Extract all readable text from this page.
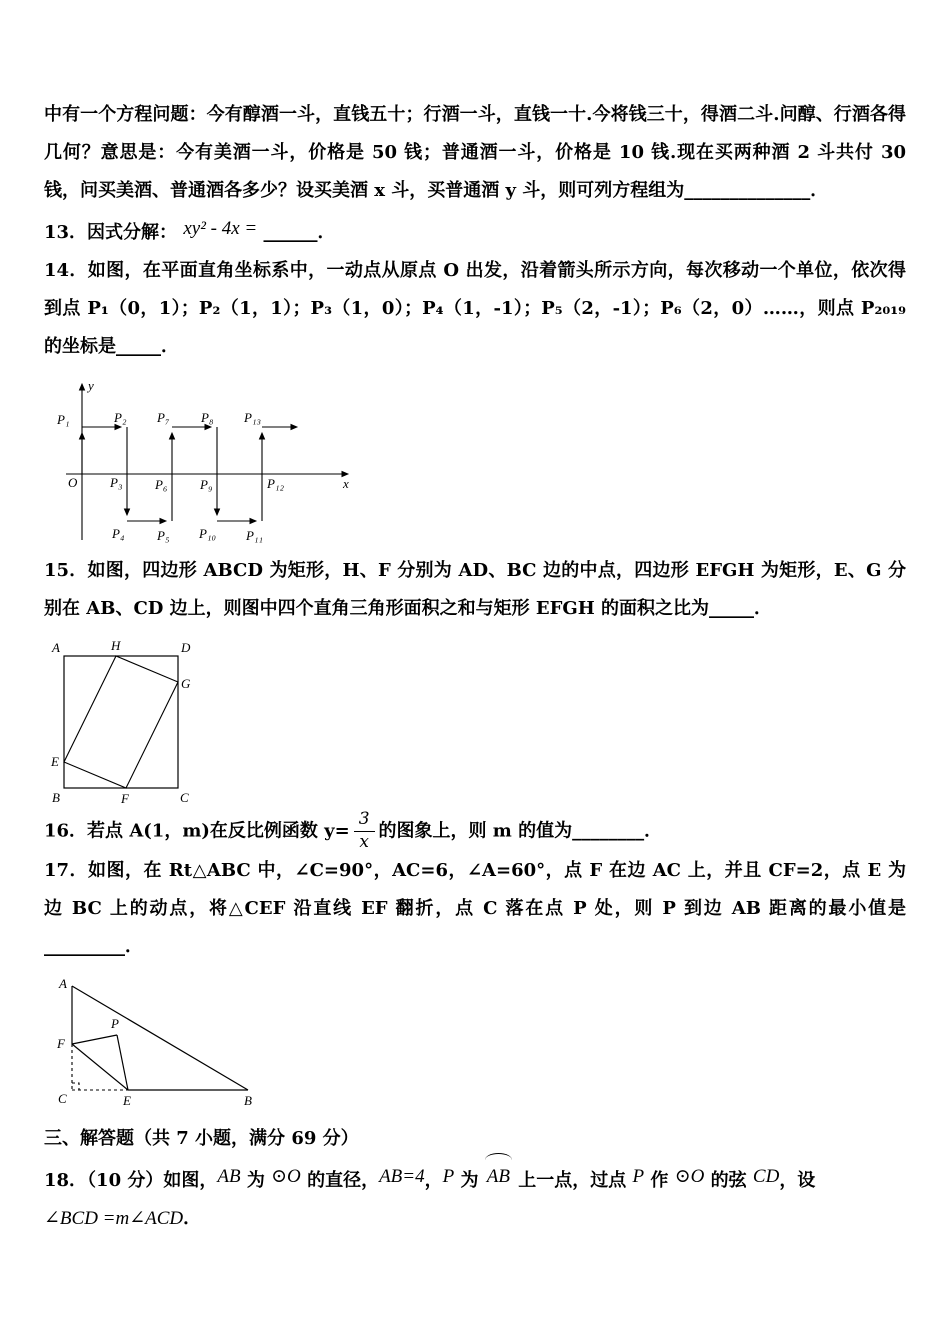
中有一个方程问题：今有醇酒一斗，直钱五十；行酒一斗，直钱一十.今将钱三十，得酒二斗.问醇、行酒各得几何？意思是：今有美酒一斗，价格是 50 钱；普通酒一斗，价格是 10 钱.现在买两种酒 2 斗共付 30 钱，问买美酒、普通酒各多少？设买美酒 x 斗，买普通酒 y 斗，则可列方程组为______________．

13．因式分解： xy² - 4x = ______．

14．如图，在平面直角坐标系中，一动点从原点 O 出发，沿着箭头所示方向，每次移动一个单位，依次得到点 P₁（0，1）；P₂（1，1）；P₃（1，0）；P₄（1，-1）；P₅（2，-1）；P₆（2，0）……，则点 P₂₀₁₉ 的坐标是_____．

y
x
O
P₁	P₂ P₇ P₈ P₁₃
P₃	P₆	P₉	P₁₂
P₄	P₅ P₁₀ P₁₁

15．如图，四边形 ABCD 为矩形，H、F 分别为 AD、BC 边的中点，四边形 EFGH 为矩形，E、G 分别在 AB、CD 边上，则图中四个直角三角形面积之和与矩形 EFGH 的面积之比为_____．

A	H	D
G
E
B	F	C

16．若点 A(1，m)在反比例函数 $y= \frac{3}{x}$ 的图象上，则 m 的值为________．

17．如图，在 Rt△ABC 中，∠C=90°，AC=6，∠A=60°，点 F 在边 AC 上，并且 CF=2，点 E 为边 BC 上的动点，将△CEF 沿直线 EF 翻折，点 C 落在点 P 处，则 P 到边 AB 距离的最小值是_________．

A
F
P
C	E	B

三、解答题（共 7 小题，满分 69 分）

18．（10 分）如图，AB 为 ⊙O 的直径，AB=4，P 为 AB 上一点，过点 P 作 ⊙O 的弦 CD，设

∠BCD =m∠ACD．
